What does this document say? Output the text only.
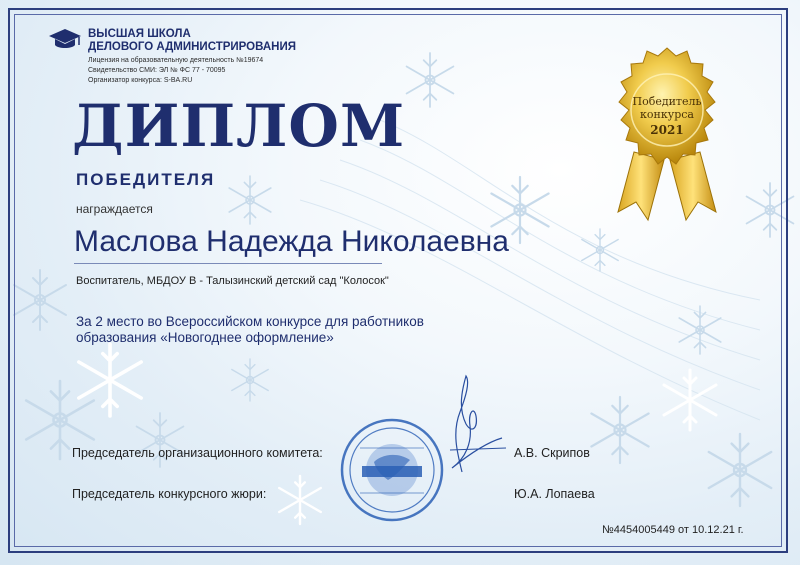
ВЫСШАЯ ШКОЛА
ДЕЛОВОГО АДМИНИСТРИРОВАНИЯ
Лицензия на образовательную деятельность №19674
Свидетельство СМИ: ЭЛ № ФС 77 - 70095
Организатор конкурса: S-BA.RU
ДИПЛОМ
ПОБЕДИТЕЛЯ
награждается
Маслова Надежда Николаевна
Воспитатель, МБДОУ В - Талызинский детский сад "Колосок"
За 2 место во Всероссийском конкурсе для работников
образования «Новогоднее оформление»
Победитель
конкурса
2021
Председатель организационного комитета:	А.В. Скрипов
Председатель конкурсного жюри:	Ю.А. Лопаева
№4454005449 от 10.12.21 г.
